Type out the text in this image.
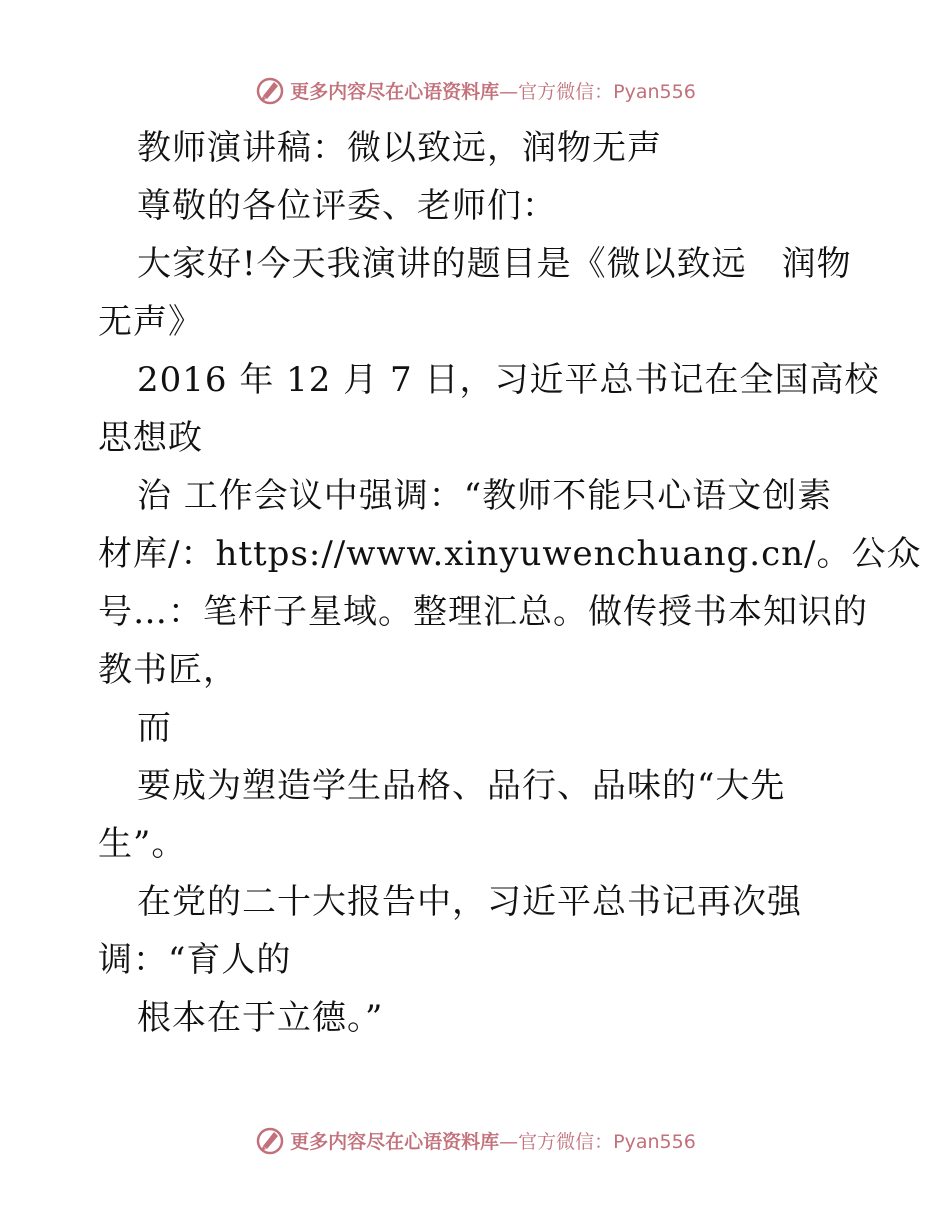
更多内容尽在心语资料库 —官方微信：Pyan556
教师演讲稿：微以致远，润物无声
尊敬的各位评委、老师们：
大家好!今天我演讲的题目是《微以致远　润物
无声》
2016 年 12 月 7 日，习近平总书记在全国高校
思想政
治 工作会议中强调：“教师不能只心语文创素
材库/：https://www.xinyuwenchuang.cn/。公众
号…：笔杆子星域。整理汇总。做传授书本知识的
教书匠，
而
要成为塑造学生品格、品行、品味的“大先
生”。
在党的二十大报告中，习近平总书记再次强
调：“育人的
根本在于立德。”
更多内容尽在心语资料库 —官方微信：Pyan556
